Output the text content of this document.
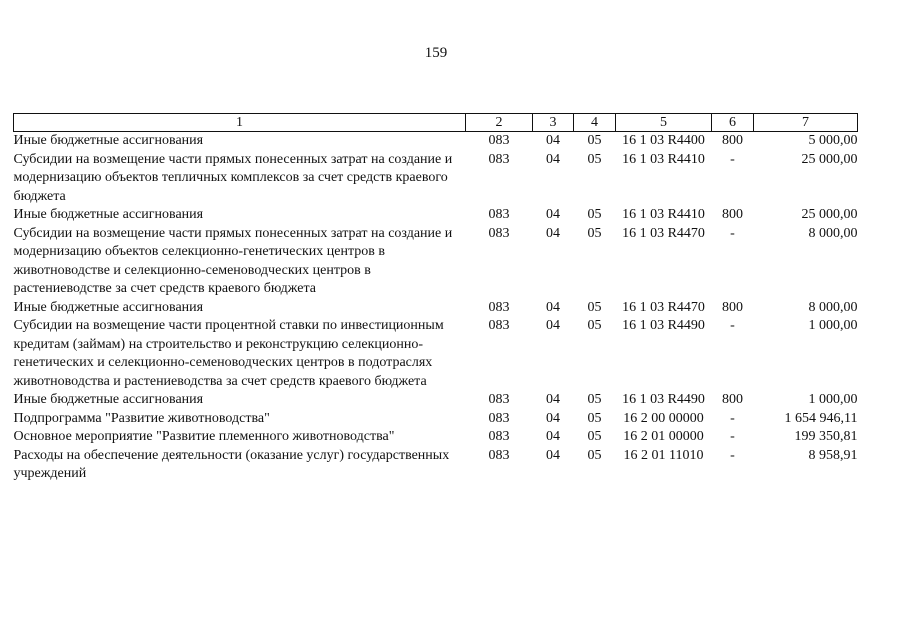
159
1	2	3	4	5	6	7
Иные бюджетные ассигнования	083	04	05	16 1 03 R4400	800	5 000,00
Субсидии на возмещение части прямых понесенных затрат на создание и модернизацию объектов тепличных комплексов за счет средств краевого бюджета	083	04	05	16 1 03 R4410	-	25 000,00
Иные бюджетные ассигнования	083	04	05	16 1 03 R4410	800	25 000,00
Субсидии на возмещение части прямых понесенных затрат на создание и модернизацию объектов селекционно-генетических центров в животноводстве и селекционно-семеноводческих центров в растениеводстве за счет средств краевого бюджета	083	04	05	16 1 03 R4470	-	8 000,00
Иные бюджетные ассигнования	083	04	05	16 1 03 R4470	800	8 000,00
Субсидии на возмещение части процентной ставки по инвестиционным кредитам (займам) на строительство и реконструкцию селекционно-генетических и селекционно-семеноводческих центров в подотраслях животноводства и растениеводства за счет средств краевого бюджета	083	04	05	16 1 03 R4490	-	1 000,00
Иные бюджетные ассигнования	083	04	05	16 1 03 R4490	800	1 000,00
Подпрограмма "Развитие животноводства"	083	04	05	16 2 00 00000	-	1 654 946,11
Основное мероприятие "Развитие племенного животноводства"	083	04	05	16 2 01 00000	-	199 350,81
Расходы на обеспечение деятельности (оказание услуг) государственных учреждений	083	04	05	16 2 01 11010	-	8 958,91
